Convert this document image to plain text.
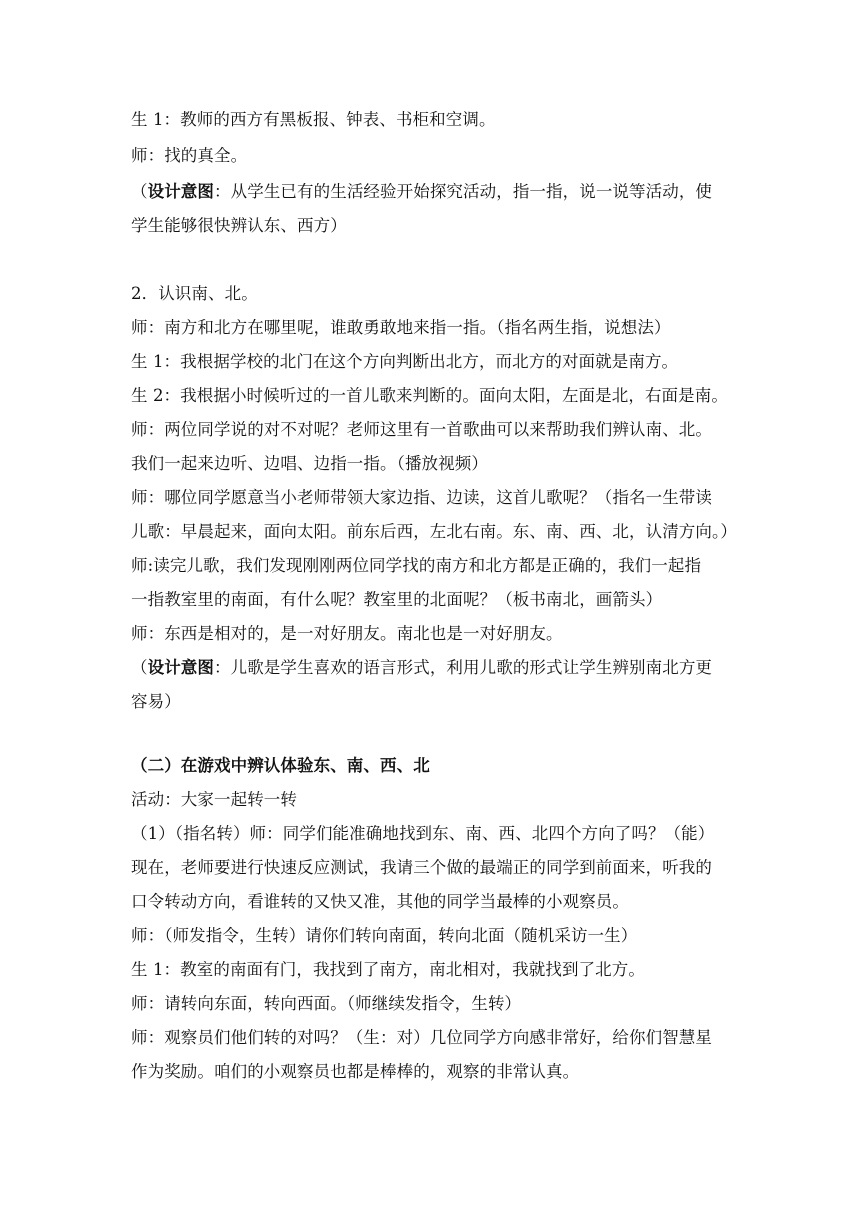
生 1：教师的西方有黑板报、钟表、书柜和空调。
师：找的真全。
（设计意图：从学生已有的生活经验开始探究活动，指一指，说一说等活动，使
学生能够很快辨认东、西方）
2．认识南、北。
师：南方和北方在哪里呢，谁敢勇敢地来指一指。（指名两生指，说想法）
生 1：我根据学校的北门在这个方向判断出北方，而北方的对面就是南方。
生 2：我根据小时候听过的一首儿歌来判断的。面向太阳，左面是北，右面是南。
师：两位同学说的对不对呢？老师这里有一首歌曲可以来帮助我们辨认南、北。
我们一起来边听、边唱、边指一指。（播放视频）
师：哪位同学愿意当小老师带领大家边指、边读，这首儿歌呢？（指名一生带读
儿歌：早晨起来，面向太阳。前东后西，左北右南。东、南、西、北，认清方向。）
师:读完儿歌，我们发现刚刚两位同学找的南方和北方都是正确的，我们一起指
一指教室里的南面，有什么呢？教室里的北面呢？（板书南北，画箭头）
师：东西是相对的，是一对好朋友。南北也是一对好朋友。
（设计意图：儿歌是学生喜欢的语言形式，利用儿歌的形式让学生辨别南北方更
容易）
（二）在游戏中辨认体验东、南、西、北
活动：大家一起转一转
（1）（指名转）师：同学们能准确地找到东、南、西、北四个方向了吗？（能）
现在，老师要进行快速反应测试，我请三个做的最端正的同学到前面来，听我的
口令转动方向，看谁转的又快又准，其他的同学当最棒的小观察员。
师：（师发指令，生转）请你们转向南面，转向北面（随机采访一生）
生 1：教室的南面有门，我找到了南方，南北相对，我就找到了北方。
师：请转向东面，转向西面。（师继续发指令，生转）
师：观察员们他们转的对吗？（生：对）几位同学方向感非常好，给你们智慧星
作为奖励。咱们的小观察员也都是棒棒的，观察的非常认真。
